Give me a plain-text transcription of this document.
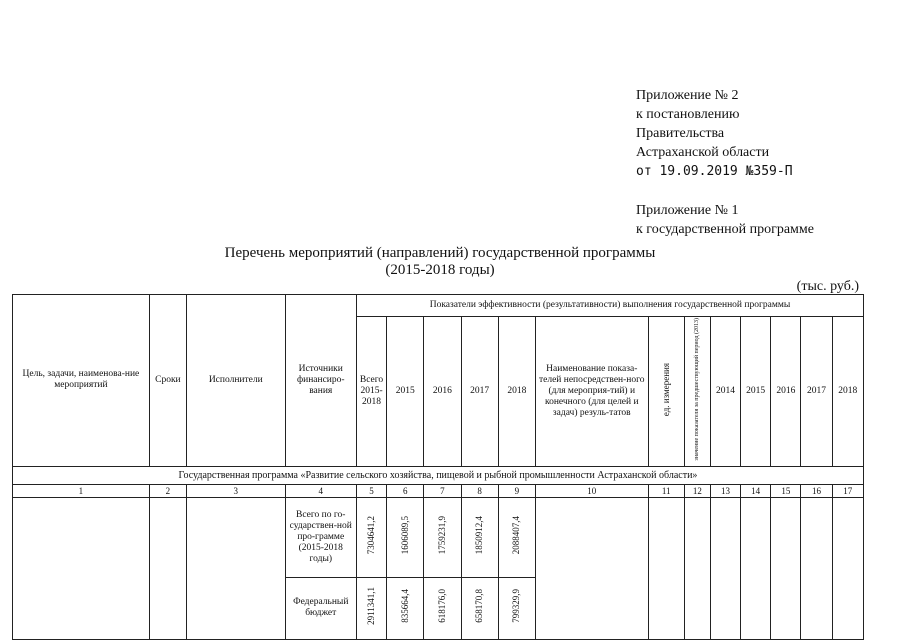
Приложение № 2
к постановлению
Правительства
Астраханской области
от 19.09.2019 №359-П
Приложение № 1
к государственной программе
Перечень мероприятий (направлений) государственной программы
(2015-2018 годы)
(тыс. руб.)
Цель, задачи, наименова-ние мероприятий	Сроки	Исполнители	Источники финансиро-вания	Показатели эффективности (результативности) выполнения государственной программы												
				Всего 2015-2018	2015	2016	2017	2018	Наименование показа-телей непосредствен-ного (для мероприя-тий) и конечного (для целей и задач) резуль-татов	ед. измерения	значение показателя за предшествующий период (2013)	2014	2015	2016	2017	2018
Государственная программа «Развитие сельского хозяйства, пищевой и рыбной промышленности Астраханской области»																
1	2	3	4	5	6	7	8	9	10	11	12	13	14	15	16	17
			Всего по го-сударствен-ной про-грамме (2015-2018 годы)	7304641,2	1606089,5	1759231,9	1850912,4	2088407,4								
			Федеральный бюджет	2911341,1	835664,4	618176,0	658170,8	799329,9								
